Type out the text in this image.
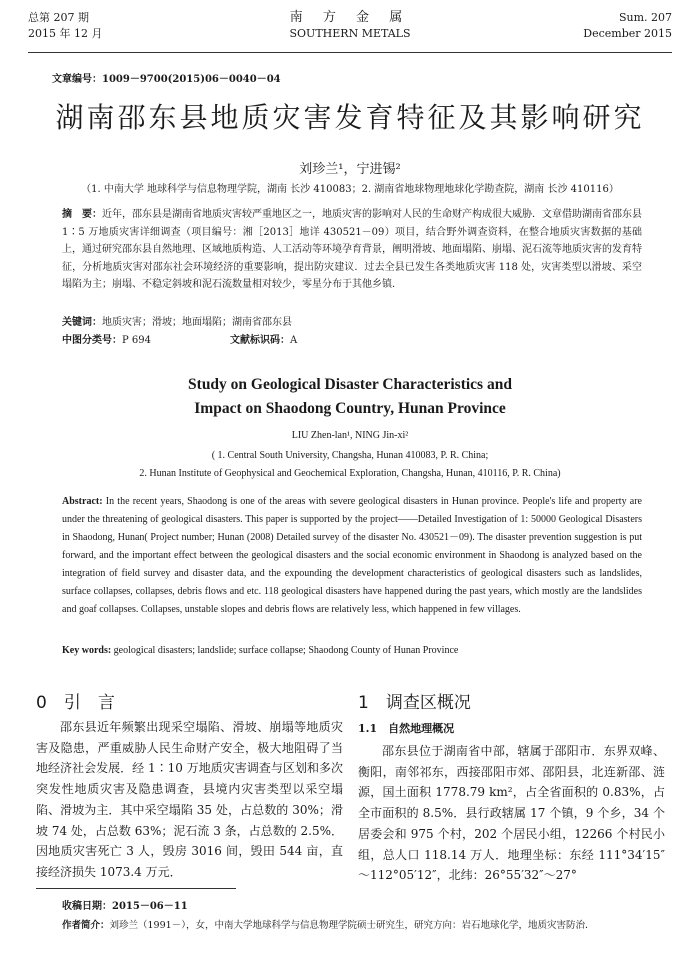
总第 207 期
2015 年 12 月
南 方 金 属
SOUTHERN METALS
Sum. 207
December 2015
文章编号：1009－9700(2015)06－0040－04
湖南邵东县地质灾害发育特征及其影响研究
刘珍兰¹，宁进锡²
（1. 中南大学 地球科学与信息物理学院，湖南 长沙 410083；2. 湖南省地球物理地球化学勘查院，湖南 长沙 410116）
摘　要：近年，邵东县是湖南省地质灾害较严重地区之一，地质灾害的影响对人民的生命财产构成很大威胁．文章借助湖南省邵东县 1∶5 万地质灾害详细调查（项目编号：湘［2013］地详 430521－09）项目，结合野外调查资料，在整合地质灾害数据的基础上，通过研究邵东县自然地理、区域地质构造、人工活动等环境孕育背景，阐明滑坡、地面塌陷、崩塌、泥石流等地质灾害的发育特征，分析地质灾害对邵东社会环境经济的重要影响，提出防灾建议．过去全县已发生各类地质灾害 118 处，灾害类型以滑坡、采空塌陷为主；崩塌、不稳定斜坡和泥石流数量相对较少，零星分布于其他乡镇．
关键词：地质灾害；滑坡；地面塌陷；湖南省邵东县
中图分类号：P 694	文献标识码：A
Study on Geological Disaster Characteristics and
Impact on Shaodong Country, Hunan Province
LIU Zhen-lan¹, NING Jin-xi²
( 1. Central South University, Changsha, Hunan 410083, P. R. China;
2. Hunan Institute of Geophysical and Geochemical Exploration, Changsha, Hunan, 410116, P. R. China)
Abstract: In the recent years, Shaodong is one of the areas with severe geological disasters in Hunan province. People's life and property are under the threatening of geological disasters. This paper is supported by the project——Detailed Investigation of 1: 50000 Geological Disasters in Shaodong, Hunan( Project number; Hunan (2008) Detailed survey of the disaster No. 430521－09). The disaster prevention suggestion is put forward, and the important effect between the geological disasters and the social economic environment in Shaodong is analyzed based on the integration of field survey and disaster data, and the expounding the development characteristics of geological disasters such as landslides, surface collapses, collapses, debris flows and etc. 118 geological disasters have happened during the past years, which mostly are the landslides and goaf collapses. Collapses, unstable slopes and debris flows are relatively less, which happened in few villages.
Key words: geological disasters; landslide; surface collapse; Shaodong County of Hunan Province
0　引　言

邵东县近年频繁出现采空塌陷、滑坡、崩塌等地质灾害及隐患，严重威胁人民生命财产安全，极大地阻碍了当地经济社会发展．经 1∶10 万地质灾害调查与区划和多次突发性地质灾害及隐患调查，县境内灾害类型以采空塌陷、滑坡为主．其中采空塌陷 35 处，占总数的 30%；滑坡 74 处，占总数 63%；泥石流 3 条，占总数的 2.5%．因地质灾害死亡 3 人，毁房 3016 间，毁田 544 亩，直接经济损失 1073.4 万元．

1　调查区概况
1.1　自然地理概况

邵东县位于湖南省中部，辖属于邵阳市．东界双峰、衡阳，南邻祁东，西接邵阳市郊、邵阳县，北连新邵、涟源，国土面积 1778.79 km²，占全省面积的 0.83%，占全市面积的 8.5%．县行政辖属 17 个镇，9 个乡，34 个居委会和 975 个村，202 个居民小组，12266 个村民小组，总人口 118.14 万人．地理坐标：东经 111°34′15″～112°05′12″，北纬：26°55′32″～27°

收稿日期：2015－06－11
作者简介：刘珍兰（1991－），女，中南大学地球科学与信息物理学院硕士研究生，研究方向：岩石地球化学，地质灾害防治．
